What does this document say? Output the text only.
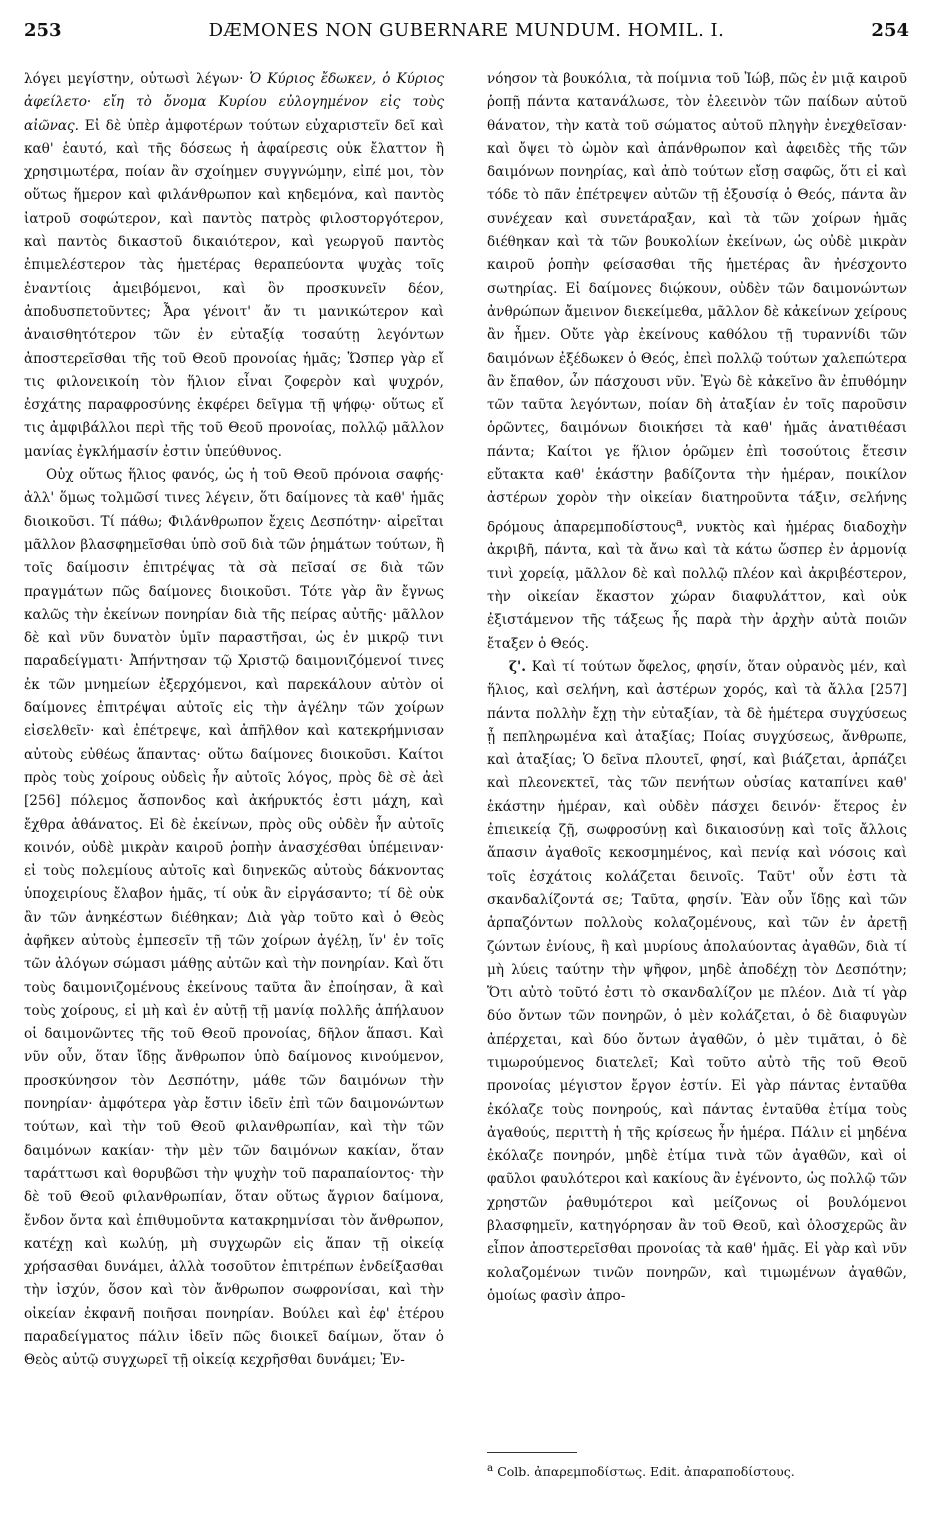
253	DÆMONES NON GUBERNARE MUNDUM. HOMIL. I.	254

λόγει μεγίστην, οὑτωσὶ λέγων· Ὁ Κύριος ἔδωκεν, ὁ Κύριος ἀφείλετο· εἴη τὸ ὄνομα Κυρίου εὐλογημένον εἰς τοὺς αἰῶνας. Εἰ δὲ ὑπὲρ ἀμφοτέρων τούτων εὐχαριστεῖν δεῖ καὶ καθ' ἑαυτό, καὶ τῆς δόσεως ἡ ἀφαίρεσις οὐκ ἔλαττον ἢ χρησιμωτέρα, ποίαν ἂν σχοίημεν συγγνώμην, εἰπέ μοι, τὸν οὕτως ἥμερον καὶ φιλάνθρωπον καὶ κηδεμόνα, καὶ παντὸς ἰατροῦ σοφώτερον, καὶ παντὸς πατρὸς φιλοστοργότερον, καὶ παντὸς δικαστοῦ δικαιότερον, καὶ γεωργοῦ παντὸς ἐπιμελέστερον τὰς ἡμετέρας θεραπεύοντα ψυχὰς τοῖς ἐναντίοις ἀμειβόμενοι, καὶ ὃν προσκυνεῖν δέον, ἀποδυσπετοῦντες; Ἆρα γένοιτ' ἄν τι μανικώτερον καὶ ἀναισθητότερον τῶν ἐν εὐταξίᾳ τοσαύτῃ λεγόντων ἀποστερεῖσθαι τῆς τοῦ Θεοῦ προνοίας ἡμᾶς; Ὥσπερ γὰρ εἴ τις φιλονεικοίη τὸν ἥλιον εἶναι ζοφερὸν καὶ ψυχρόν, ἐσχάτης παραφροσύνης ἐκφέρει δεῖγμα τῇ ψήφῳ· οὕτως εἴ τις ἀμφιβάλλοι περὶ τῆς τοῦ Θεοῦ προνοίας, πολλῷ μᾶλλον μανίας ἐγκλήμασίν ἐστιν ὑπεύθυνος.

Οὐχ οὕτως ἥλιος φανός, ὡς ἡ τοῦ Θεοῦ πρόνοια σαφής· ἀλλ' ὅμως τολμῶσί τινες λέγειν, ὅτι δαίμονες τὰ καθ' ἡμᾶς διοικοῦσι. Τί πάθω; Φιλάνθρωπον ἔχεις Δεσπότην· αἱρεῖται μᾶλλον βλασφημεῖσθαι ὑπὸ σοῦ διὰ τῶν ῥημάτων τούτων, ἢ τοῖς δαίμοσιν ἐπιτρέψας τὰ σὰ πεῖσαί σε διὰ τῶν πραγμάτων πῶς δαίμονες διοικοῦσι. Τότε γὰρ ἂν ἔγνως καλῶς τὴν ἐκείνων πονηρίαν διὰ τῆς πείρας αὐτῆς· μᾶλλον δὲ καὶ νῦν δυνατὸν ὑμῖν παραστῆσαι, ὡς ἐν μικρῷ τινι παραδείγματι· Ἀπήντησαν τῷ Χριστῷ δαιμονιζόμενοί τινες ἐκ τῶν μνημείων ἐξερχόμενοι, καὶ παρεκάλουν αὐτὸν οἱ δαίμονες ἐπιτρέψαι αὐτοῖς εἰς τὴν ἀγέλην τῶν χοίρων εἰσελθεῖν· καὶ ἐπέτρεψε, καὶ ἀπῆλθον καὶ κατεκρήμνισαν αὐτοὺς εὐθέως ἅπαντας· οὕτω δαίμονες διοικοῦσι. Καίτοι πρὸς τοὺς χοίρους οὐδεὶς ἦν αὐτοῖς λόγος, πρὸς δὲ σὲ ἀεὶ [256] πόλεμος ἄσπονδος καὶ ἀκήρυκτός ἐστι μάχη, καὶ ἔχθρα ἀθάνατος. Εἰ δὲ ἐκείνων, πρὸς οὓς οὐδὲν ἦν αὐτοῖς κοινόν, οὐδὲ μικρὰν καιροῦ ῥοπὴν ἀνασχέσθαι ὑπέμειναν· εἰ τοὺς πολεμίους αὐτοῖς καὶ διηνεκῶς αὐτοὺς δάκνοντας ὑποχειρίους ἔλαβον ἡμᾶς, τί οὐκ ἂν εἰργάσαντο; τί δὲ οὐκ ἂν τῶν ἀνηκέστων διέθηκαν; Διὰ γὰρ τοῦτο καὶ ὁ Θεὸς ἀφῆκεν αὐτοὺς ἐμπεσεῖν τῇ τῶν χοίρων ἀγέλῃ, ἵν' ἐν τοῖς τῶν ἀλόγων σώμασι μάθῃς αὐτῶν καὶ τὴν πονηρίαν. Καὶ ὅτι τοὺς δαιμονιζομένους ἐκείνους ταῦτα ἂν ἐποίησαν, ἃ καὶ τοὺς χοίρους, εἰ μὴ καὶ ἐν αὐτῇ τῇ μανίᾳ πολλῆς ἀπήλαυον οἱ δαιμονῶντες τῆς τοῦ Θεοῦ προνοίας, δῆλον ἅπασι. Καὶ νῦν οὖν, ὅταν ἴδῃς ἄνθρωπον ὑπὸ δαίμονος κινούμενον, προσκύνησον τὸν Δεσπότην, μάθε τῶν δαιμόνων τὴν πονηρίαν· ἀμφότερα γὰρ ἔστιν ἰδεῖν ἐπὶ τῶν δαιμονώντων τούτων, καὶ τὴν τοῦ Θεοῦ φιλανθρωπίαν, καὶ τὴν τῶν δαιμόνων κακίαν· τὴν μὲν τῶν δαιμόνων κακίαν, ὅταν ταράττωσι καὶ θορυβῶσι τὴν ψυχὴν τοῦ παραπαίοντος· τὴν δὲ τοῦ Θεοῦ φιλανθρωπίαν, ὅταν οὕτως ἄγριον δαίμονα, ἔνδον ὄντα καὶ ἐπιθυμοῦντα κατακρημνίσαι τὸν ἄνθρωπον, κατέχῃ καὶ κωλύῃ, μὴ συγχωρῶν εἰς ἅπαν τῇ οἰκείᾳ χρήσασθαι δυνάμει, ἀλλὰ τοσοῦτον ἐπιτρέπων ἐνδείξασθαι τὴν ἰσχύν, ὅσον καὶ τὸν ἄνθρωπον σωφρονίσαι, καὶ τὴν οἰκείαν ἐκφανῆ ποιῆσαι πονηρίαν. Βούλει καὶ ἐφ' ἑτέρου παραδείγματος πάλιν ἰδεῖν πῶς διοικεῖ δαίμων, ὅταν ὁ Θεὸς αὐτῷ συγχωρεῖ τῇ οἰκείᾳ κεχρῆσθαι δυνάμει; Ἐν-

νόησον τὰ βουκόλια, τὰ ποίμνια τοῦ Ἰώβ, πῶς ἐν μιᾷ καιροῦ ῥοπῇ πάντα κατανάλωσε, τὸν ἐλεεινὸν τῶν παίδων αὐτοῦ θάνατον, τὴν κατὰ τοῦ σώματος αὐτοῦ πληγὴν ἐνεχθεῖσαν· καὶ ὄψει τὸ ὠμὸν καὶ ἀπάνθρωπον καὶ ἀφειδὲς τῆς τῶν δαιμόνων πονηρίας, καὶ ἀπὸ τούτων εἴσῃ σαφῶς, ὅτι εἰ καὶ τόδε τὸ πᾶν ἐπέτρεψεν αὐτῶν τῇ ἐξουσίᾳ ὁ Θεός, πάντα ἂν συνέχεαν καὶ συνετάραξαν, καὶ τὰ τῶν χοίρων ἡμᾶς διέθηκαν καὶ τὰ τῶν βουκολίων ἐκείνων, ὡς οὐδὲ μικρὰν καιροῦ ῥοπὴν φείσασθαι τῆς ἡμετέρας ἂν ἠνέσχοντο σωτηρίας. Εἰ δαίμονες διῴκουν, οὐδὲν τῶν δαιμονώντων ἀνθρώπων ἄμεινον διεκείμεθα, μᾶλλον δὲ κἀκείνων χείρους ἂν ἦμεν. Οὔτε γὰρ ἐκείνους καθόλου τῇ τυραννίδι τῶν δαιμόνων ἐξέδωκεν ὁ Θεός, ἐπεὶ πολλῷ τούτων χαλεπώτερα ἂν ἔπαθον, ὧν πάσχουσι νῦν. Ἐγὼ δὲ κἀκεῖνο ἂν ἐπυθόμην τῶν ταῦτα λεγόντων, ποίαν δὴ ἀταξίαν ἐν τοῖς παροῦσιν ὁρῶντες, δαιμόνων διοικήσει τὰ καθ' ἡμᾶς ἀνατιθέασι πάντα; Καίτοι γε ἥλιον ὁρῶμεν ἐπὶ τοσούτοις ἔτεσιν εὔτακτα καθ' ἑκάστην βαδίζοντα τὴν ἡμέραν, ποικίλον ἀστέρων χορὸν τὴν οἰκείαν διατηροῦντα τάξιν, σελήνης δρόμους ἀπαρεμποδίστους$^a$, νυκτὸς καὶ ἡμέρας διαδοχὴν ἀκριβῆ, πάντα, καὶ τὰ ἄνω καὶ τὰ κάτω ὥσπερ ἐν ἁρμονίᾳ τινὶ χορείᾳ, μᾶλλον δὲ καὶ πολλῷ πλέον καὶ ἀκριβέστερον, τὴν οἰκείαν ἕκαστον χώραν διαφυλάττον, καὶ οὐκ ἐξιστάμενον τῆς τάξεως ἧς παρὰ τὴν ἀρχὴν αὐτὰ ποιῶν ἔταξεν ὁ Θεός.

ζ'. Καὶ τί τούτων ὄφελος, φησίν, ὅταν οὐρανὸς μέν, καὶ ἥλιος, καὶ σελήνη, καὶ ἀστέρων χορός, καὶ τὰ ἄλλα [257] πάντα πολλὴν ἔχῃ τὴν εὐταξίαν, τὰ δὲ ἡμέτερα συγχύσεως ᾖ πεπληρωμένα καὶ ἀταξίας; Ποίας συγχύσεως, ἄνθρωπε, καὶ ἀταξίας; Ὁ δεῖνα πλουτεῖ, φησί, καὶ βιάζεται, ἁρπάζει καὶ πλεονεκτεῖ, τὰς τῶν πενήτων οὐσίας καταπίνει καθ' ἑκάστην ἡμέραν, καὶ οὐδὲν πάσχει δεινόν· ἕτερος ἐν ἐπιεικείᾳ ζῇ, σωφροσύνῃ καὶ δικαιοσύνῃ καὶ τοῖς ἄλλοις ἅπασιν ἀγαθοῖς κεκοσμημένος, καὶ πενίᾳ καὶ νόσοις καὶ τοῖς ἐσχάτοις κολάζεται δεινοῖς. Ταῦτ' οὖν ἐστι τὰ σκανδαλίζοντά σε; Ταῦτα, φησίν. Ἐὰν οὖν ἴδῃς καὶ τῶν ἁρπαζόντων πολλοὺς κολαζομένους, καὶ τῶν ἐν ἀρετῇ ζώντων ἐνίους, ἢ καὶ μυρίους ἀπολαύοντας ἀγαθῶν, διὰ τί μὴ λύεις ταύτην τὴν ψῆφον, μηδὲ ἀποδέχῃ τὸν Δεσπότην; Ὅτι αὐτὸ τοῦτό ἐστι τὸ σκανδαλίζον με πλέον. Διὰ τί γὰρ δύο ὄντων τῶν πονηρῶν, ὁ μὲν κολάζεται, ὁ δὲ διαφυγὼν ἀπέρχεται, καὶ δύο ὄντων ἀγαθῶν, ὁ μὲν τιμᾶται, ὁ δὲ τιμωρούμενος διατελεῖ; Καὶ τοῦτο αὐτὸ τῆς τοῦ Θεοῦ προνοίας μέγιστον ἔργον ἐστίν. Εἰ γὰρ πάντας ἐνταῦθα ἐκόλαζε τοὺς πονηρούς, καὶ πάντας ἐνταῦθα ἐτίμα τοὺς ἀγαθούς, περιττὴ ἡ τῆς κρίσεως ἦν ἡμέρα. Πάλιν εἰ μηδένα ἐκόλαζε πονηρόν, μηδὲ ἐτίμα τινὰ τῶν ἀγαθῶν, καὶ οἱ φαῦλοι φαυλότεροι καὶ κακίους ἂν ἐγένοντο, ὡς πολλῷ τῶν χρηστῶν ῥαθυμότεροι καὶ μείζονως οἱ βουλόμενοι βλασφημεῖν, κατηγόρησαν ἂν τοῦ Θεοῦ, καὶ ὁλοσχερῶς ἂν εἶπον ἀποστερεῖσθαι προνοίας τὰ καθ' ἡμᾶς. Εἰ γὰρ καὶ νῦν κολαζομένων τινῶν πονηρῶν, καὶ τιμωμένων ἀγαθῶν, ὁμοίως φασὶν ἀπρο-

$^a$ Colb. ἀπαρεμποδίστως. Edit. ἀπαραποδίστους.
